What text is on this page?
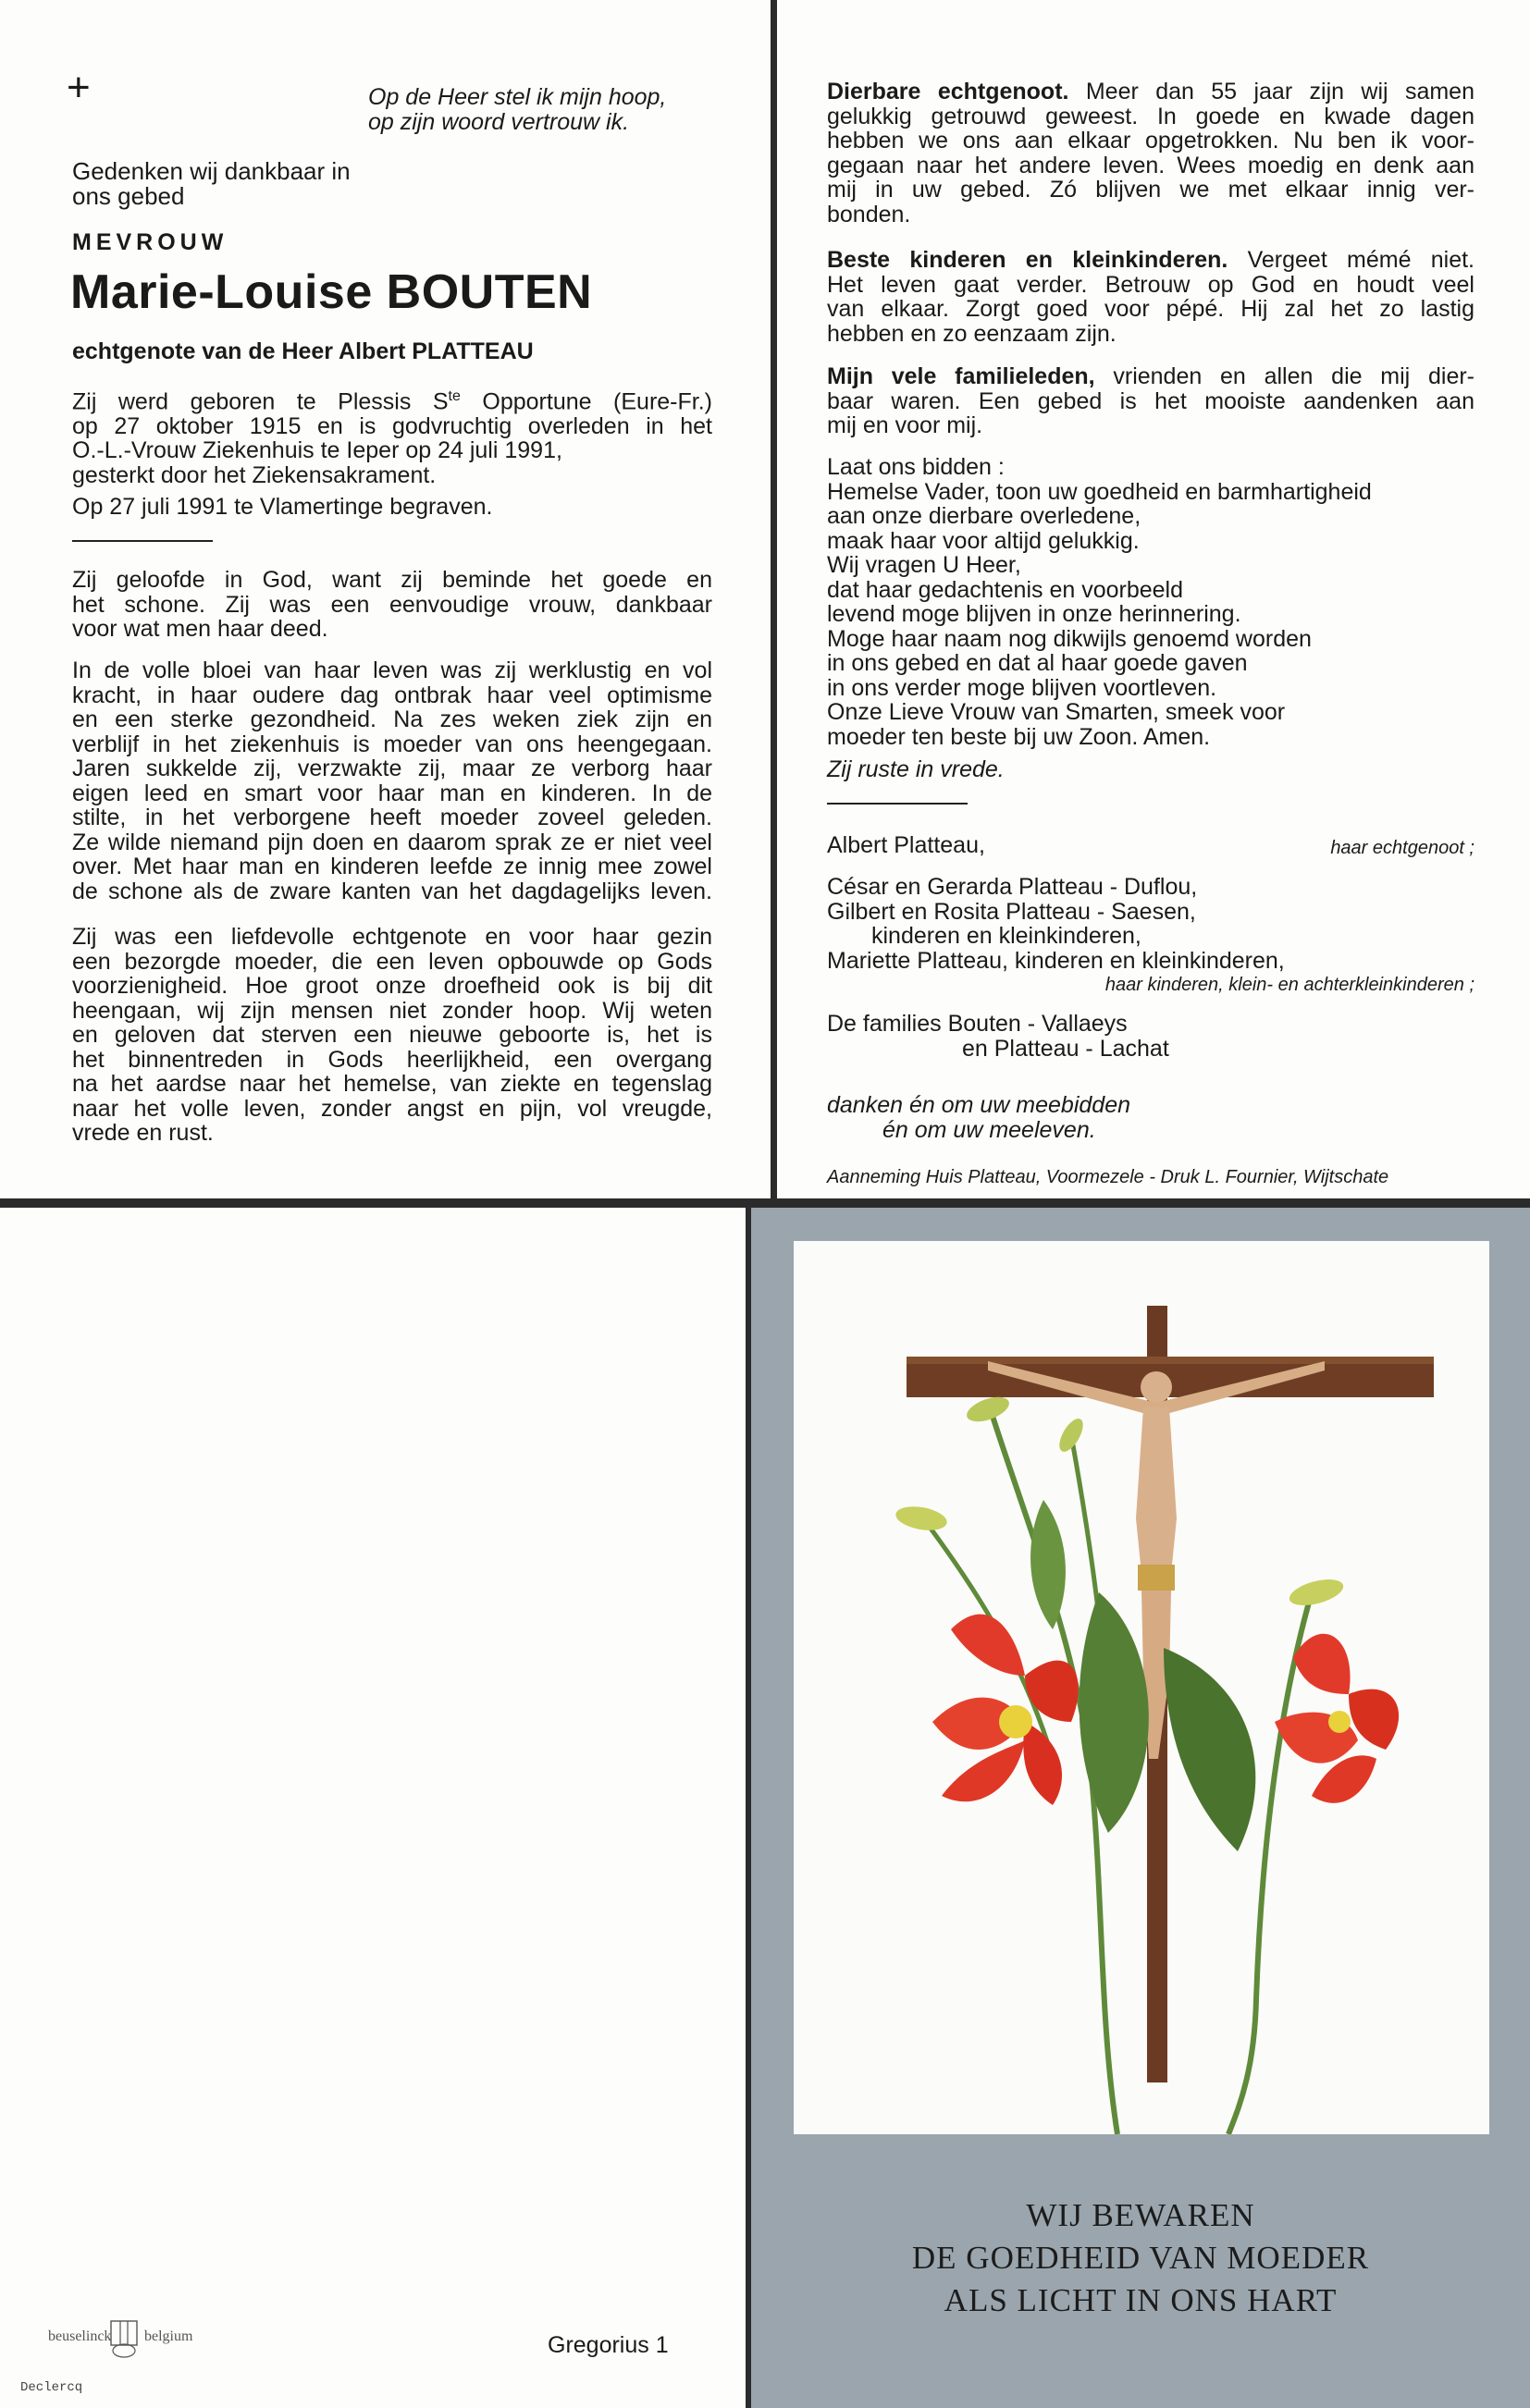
+	Op de Heer stel ik mijn hoop,
op zijn woord vertrouw ik.
Gedenken wij dankbaar in
ons gebed
MEVROUW
Marie-Louise BOUTEN
echtgenote van de Heer Albert PLATTEAU
Zij werd geboren te Plessis $S^{te}$ Opportune (Eure-Fr.)
op 27 oktober 1915 en is godvruchtig overleden in het
O.-L.-Vrouw Ziekenhuis te Ieper op 24 juli 1991,
gesterkt door het Ziekensakrament.
Op 27 juli 1991 te Vlamertinge begraven.
Zij geloofde in God, want zij beminde het goede en
het schone. Zij was een eenvoudige vrouw, dankbaar
voor wat men haar deed.
In de volle bloei van haar leven was zij werklustig en vol
kracht, in haar oudere dag ontbrak haar veel optimisme
en een sterke gezondheid. Na zes weken ziek zijn en
verblijf in het ziekenhuis is moeder van ons heengegaan.
Jaren sukkelde zij, verzwakte zij, maar ze verborg haar
eigen leed en smart voor haar man en kinderen. In de
stilte, in het verborgene heeft moeder zoveel geleden.
Ze wilde niemand pijn doen en daarom sprak ze er niet veel
over. Met haar man en kinderen leefde ze innig mee zowel
de schone als de zware kanten van het dagdagelijks leven.
Zij was een liefdevolle echtgenote en voor haar gezin
een bezorgde moeder, die een leven opbouwde op Gods
voorzienigheid. Hoe groot onze droefheid ook is bij dit
heengaan, wij zijn mensen niet zonder hoop. Wij weten
en geloven dat sterven een nieuwe geboorte is, het is
het binnentreden in Gods heerlijkheid, een overgang
na het aardse naar het hemelse, van ziekte en tegenslag
naar het volle leven, zonder angst en pijn, vol vreugde,
vrede en rust.
Dierbare echtgenoot. Meer dan 55 jaar zijn wij samen
gelukkig getrouwd geweest. In goede en kwade dagen
hebben we ons aan elkaar opgetrokken. Nu ben ik voor-
gegaan naar het andere leven. Wees moedig en denk aan
mij in uw gebed. Zó blijven we met elkaar innig ver-
bonden.
Beste kinderen en kleinkinderen. Vergeet mémé niet.
Het leven gaat verder. Betrouw op God en houdt veel
van elkaar. Zorgt goed voor pépé. Hij zal het zo lastig
hebben en zo eenzaam zijn.
Mijn vele familieleden, vrienden en allen die mij dier-
baar waren. Een gebed is het mooiste aandenken aan
mij en voor mij.
Laat ons bidden :
Hemelse Vader, toon uw goedheid en barmhartigheid
aan onze dierbare overledene,
maak haar voor altijd gelukkig.
Wij vragen U Heer,
dat haar gedachtenis en voorbeeld
levend moge blijven in onze herinnering.
Moge haar naam nog dikwijls genoemd worden
in ons gebed en dat al haar goede gaven
in ons verder moge blijven voortleven.
Onze Lieve Vrouw van Smarten, smeek voor
moeder ten beste bij uw Zoon. Amen.
Zij ruste in vrede.
Albert Platteau,	haar echtgenoot ;
César en Gerarda Platteau - Duflou,
Gilbert en Rosita Platteau - Saesen,
kinderen en kleinkinderen,
Mariette Platteau, kinderen en kleinkinderen,
haar kinderen, klein- en achterkleinkinderen ;
De families Bouten - Vallaeys
en Platteau - Lachat
danken én om uw meebidden
én om uw meeleven.
Aanneming Huis Platteau, Voormezele - Druk L. Fournier, Wijtschate
beuselinck belgium	Gregorius 1
Declercq
WIJ BEWAREN
DE GOEDHEID VAN MOEDER
ALS LICHT IN ONS HART
